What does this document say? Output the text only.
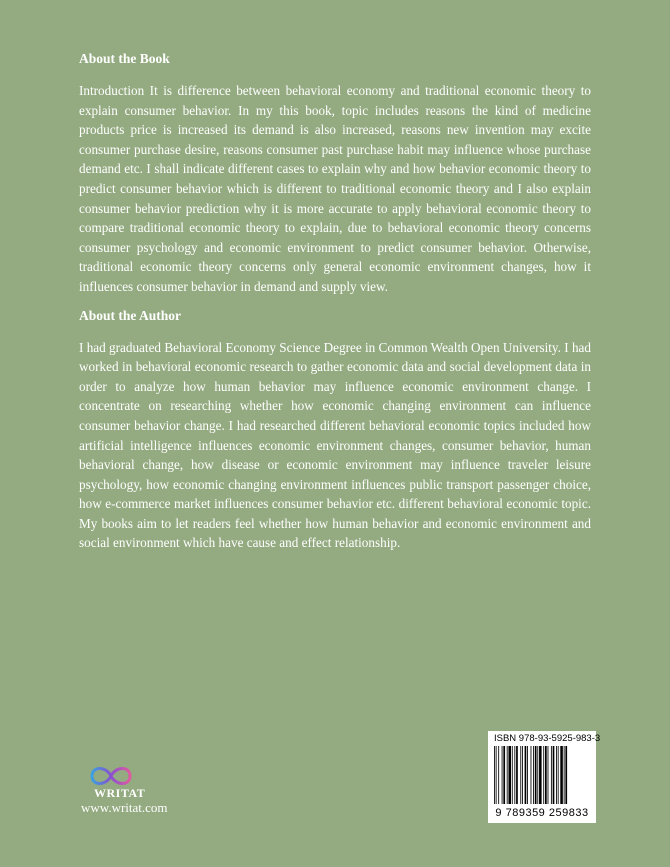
About the Book

Introduction It is difference between behavioral economy and traditional economic theory to explain consumer behavior. In my this book, topic includes reasons the kind of medicine products price is increased its demand is also increased, reasons new invention may excite consumer purchase desire, reasons consumer past purchase habit may influence whose purchase demand etc. I shall indicate different cases to explain why and how behavior economic theory to predict consumer behavior which is different to traditional economic theory and I also explain consumer behavior prediction why it is more accurate to apply behavioral economic theory to compare traditional economic theory to explain, due to behavioral economic theory concerns consumer psychology and economic environment to predict consumer behavior. Otherwise, traditional economic theory concerns only general economic environment changes, how it influences consumer behavior in demand and supply view.

About the Author

I had graduated Behavioral Economy Science Degree in Common Wealth Open University. I had worked in behavioral economic research to gather economic data and social development data in order to analyze how human behavior may influence economic environment change. I concentrate on researching whether how economic changing environment can influence consumer behavior change. I had researched different behavioral economic topics included how artificial intelligence influences economic environment changes, consumer behavior, human behavioral change, how disease or economic environment may influence traveler leisure psychology, how economic changing environment influences public transport passenger choice, how e-commerce market influences consumer behavior etc. different behavioral economic topic. My books aim to let readers feel whether how human behavior and economic environment and social environment which have cause and effect relationship.

WRITAT
www.writat.com
ISBN 978-93-5925-983-3
9 789359 259833
